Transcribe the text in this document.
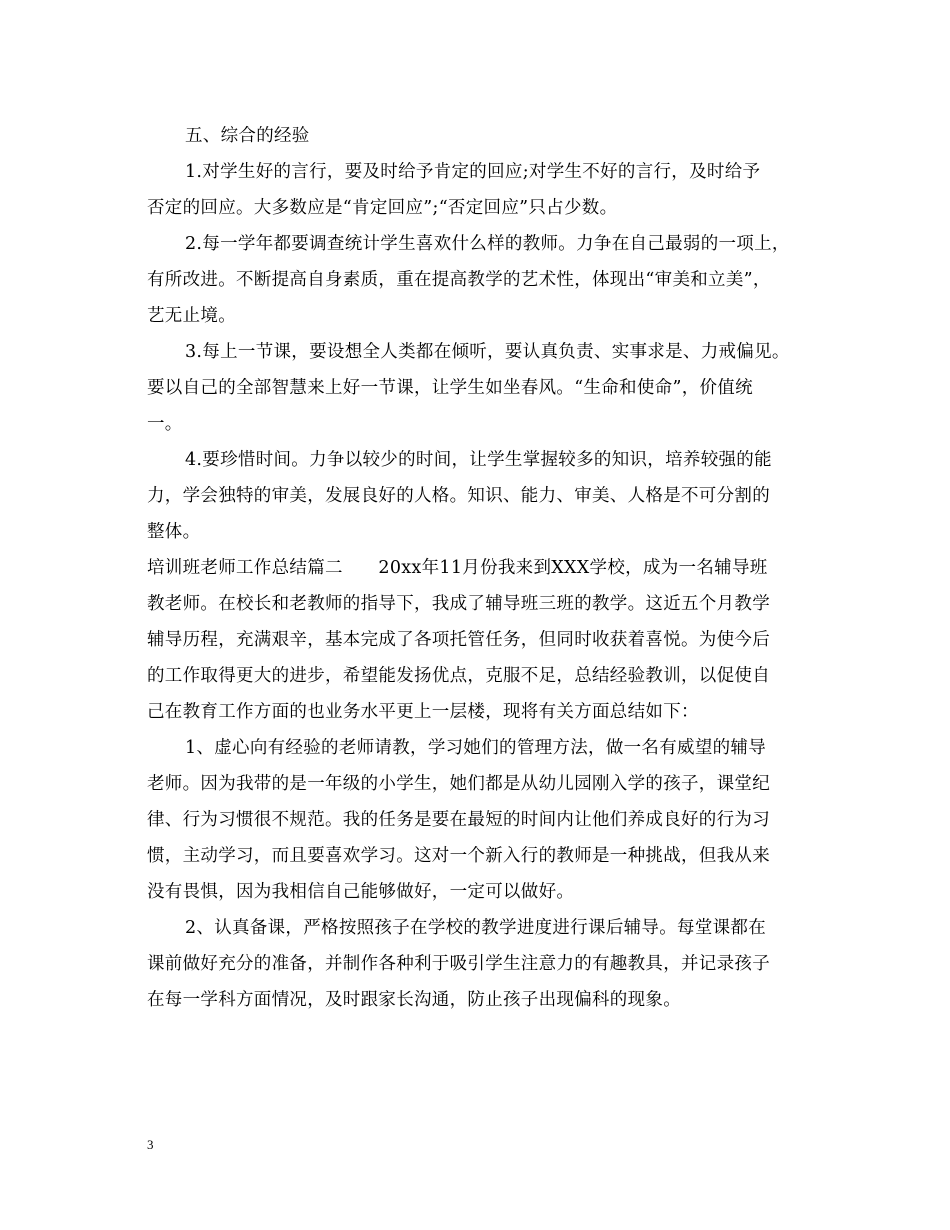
五、综合的经验
1.对学生好的言行，要及时给予肯定的回应;对学生不好的言行，及时给予
否定的回应。大多数应是“肯定回应”;“否定回应”只占少数。
2.每一学年都要调查统计学生喜欢什么样的教师。力争在自己最弱的一项上，
有所改进。不断提高自身素质，重在提高教学的艺术性，体现出“审美和立美”，
艺无止境。
3.每上一节课，要设想全人类都在倾听，要认真负责、实事求是、力戒偏见。
要以自己的全部智慧来上好一节课，让学生如坐春风。“生命和使命”，价值统
一。
4.要珍惜时间。力争以较少的时间，让学生掌握较多的知识，培养较强的能
力，学会独特的审美，发展良好的人格。知识、能力、审美、人格是不可分割的
整体。
培训班老师工作总结篇二　　20xx年11月份我来到XXX学校，成为一名辅导班
教老师。在校长和老教师的指导下，我成了辅导班三班的教学。这近五个月教学
辅导历程，充满艰辛，基本完成了各项托管任务，但同时收获着喜悦。为使今后
的工作取得更大的进步，希望能发扬优点，克服不足，总结经验教训，以促使自
己在教育工作方面的也业务水平更上一层楼，现将有关方面总结如下：
1、虚心向有经验的老师请教，学习她们的管理方法，做一名有威望的辅导
老师。因为我带的是一年级的小学生，她们都是从幼儿园刚入学的孩子，课堂纪
律、行为习惯很不规范。我的任务是要在最短的时间内让他们养成良好的行为习
惯，主动学习，而且要喜欢学习。这对一个新入行的教师是一种挑战，但我从来
没有畏惧，因为我相信自己能够做好，一定可以做好。
2、认真备课，严格按照孩子在学校的教学进度进行课后辅导。每堂课都在
课前做好充分的准备，并制作各种利于吸引学生注意力的有趣教具，并记录孩子
在每一学科方面情况，及时跟家长沟通，防止孩子出现偏科的现象。
3
